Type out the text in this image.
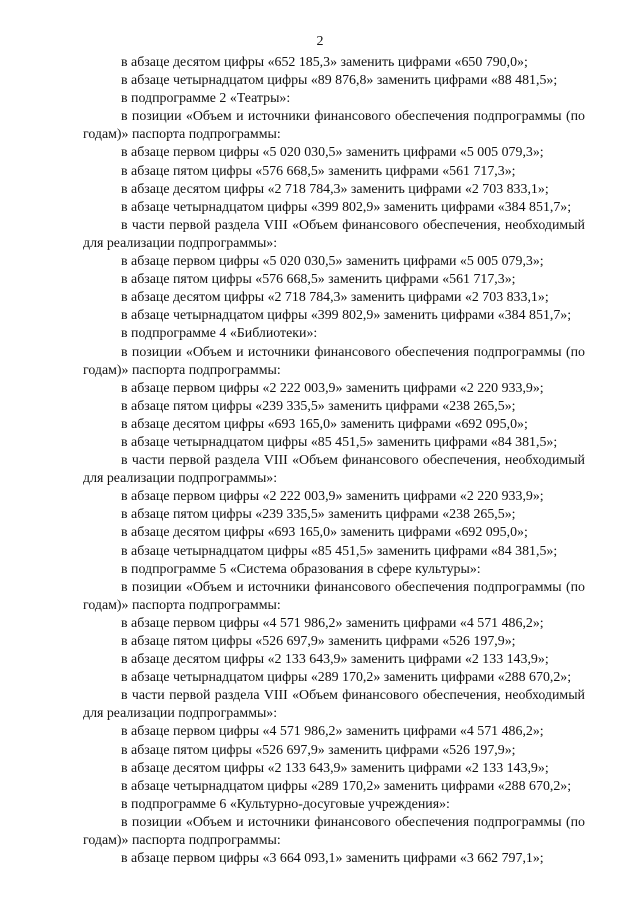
2

в абзаце десятом цифры «652 185,3» заменить цифрами «650 790,0»;

в абзаце четырнадцатом цифры «89 876,8» заменить цифрами «88 481,5»;

в подпрограмме 2 «Театры»:

в позиции «Объем и источники финансового обеспечения подпрограммы (по годам)» паспорта подпрограммы:

в абзаце первом цифры «5 020 030,5» заменить цифрами «5 005 079,3»;

в абзаце пятом цифры «576 668,5» заменить цифрами «561 717,3»;

в абзаце десятом цифры «2 718 784,3» заменить цифрами «2 703 833,1»;

в абзаце четырнадцатом цифры «399 802,9» заменить цифрами «384 851,7»;

в части первой раздела VIII «Объем финансового обеспечения, необходимый для реализации подпрограммы»:

в абзаце первом цифры «5 020 030,5» заменить цифрами «5 005 079,3»;

в абзаце пятом цифры «576 668,5» заменить цифрами «561 717,3»;

в абзаце десятом цифры «2 718 784,3» заменить цифрами «2 703 833,1»;

в абзаце четырнадцатом цифры «399 802,9» заменить цифрами «384 851,7»;

в подпрограмме 4 «Библиотеки»:

в позиции «Объем и источники финансового обеспечения подпрограммы (по годам)» паспорта подпрограммы:

в абзаце первом цифры «2 222 003,9» заменить цифрами «2 220 933,9»;

в абзаце пятом цифры «239 335,5» заменить цифрами «238 265,5»;

в абзаце десятом цифры «693 165,0» заменить цифрами «692 095,0»;

в абзаце четырнадцатом цифры «85 451,5» заменить цифрами «84 381,5»;

в части первой раздела VIII «Объем финансового обеспечения, необходимый для реализации подпрограммы»:

в абзаце первом цифры «2 222 003,9» заменить цифрами «2 220 933,9»;

в абзаце пятом цифры «239 335,5» заменить цифрами «238 265,5»;

в абзаце десятом цифры «693 165,0» заменить цифрами «692 095,0»;

в абзаце четырнадцатом цифры «85 451,5» заменить цифрами «84 381,5»;

в подпрограмме 5 «Система образования в сфере культуры»:

в позиции «Объем и источники финансового обеспечения подпрограммы (по годам)» паспорта подпрограммы:

в абзаце первом цифры «4 571 986,2» заменить цифрами «4 571 486,2»;

в абзаце пятом цифры «526 697,9» заменить цифрами «526 197,9»;

в абзаце десятом цифры «2 133 643,9» заменить цифрами «2 133 143,9»;

в абзаце четырнадцатом цифры «289 170,2» заменить цифрами «288 670,2»;

в части первой раздела VIII «Объем финансового обеспечения, необходимый для реализации подпрограммы»:

в абзаце первом цифры «4 571 986,2» заменить цифрами «4 571 486,2»;

в абзаце пятом цифры «526 697,9» заменить цифрами «526 197,9»;

в абзаце десятом цифры «2 133 643,9» заменить цифрами «2 133 143,9»;

в абзаце четырнадцатом цифры «289 170,2» заменить цифрами «288 670,2»;

в подпрограмме 6 «Культурно-досуговые учреждения»:

в позиции «Объем и источники финансового обеспечения подпрограммы (по годам)» паспорта подпрограммы:

в абзаце первом цифры «3 664 093,1» заменить цифрами «3 662 797,1»;
